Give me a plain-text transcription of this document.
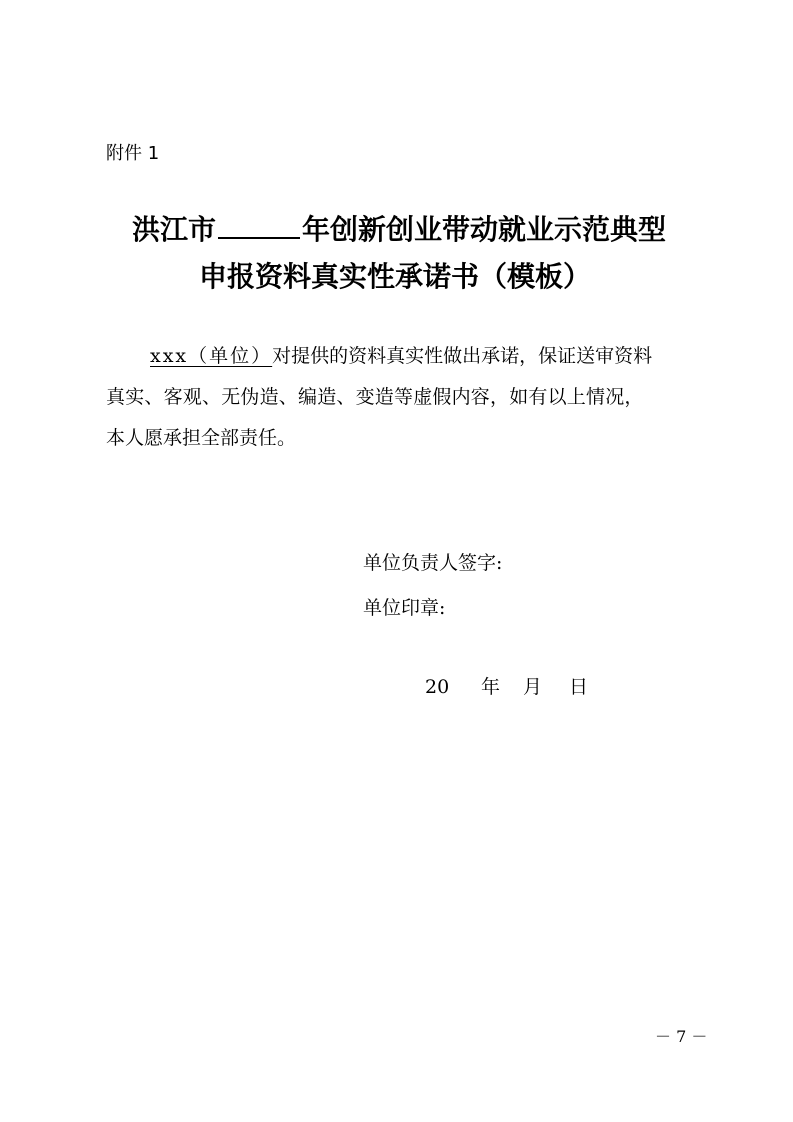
附件 1
洪江市	年创新创业带动就业示范典型
申报资料真实性承诺书（模板）
xxx（单位）对提供的资料真实性做出承诺，保证送审资料
真实、客观、无伪造、编造、变造等虚假内容，如有以上情况，
本人愿承担全部责任。
单位负责人签字:
单位印章:
20 年 月 日
－ 7 －
